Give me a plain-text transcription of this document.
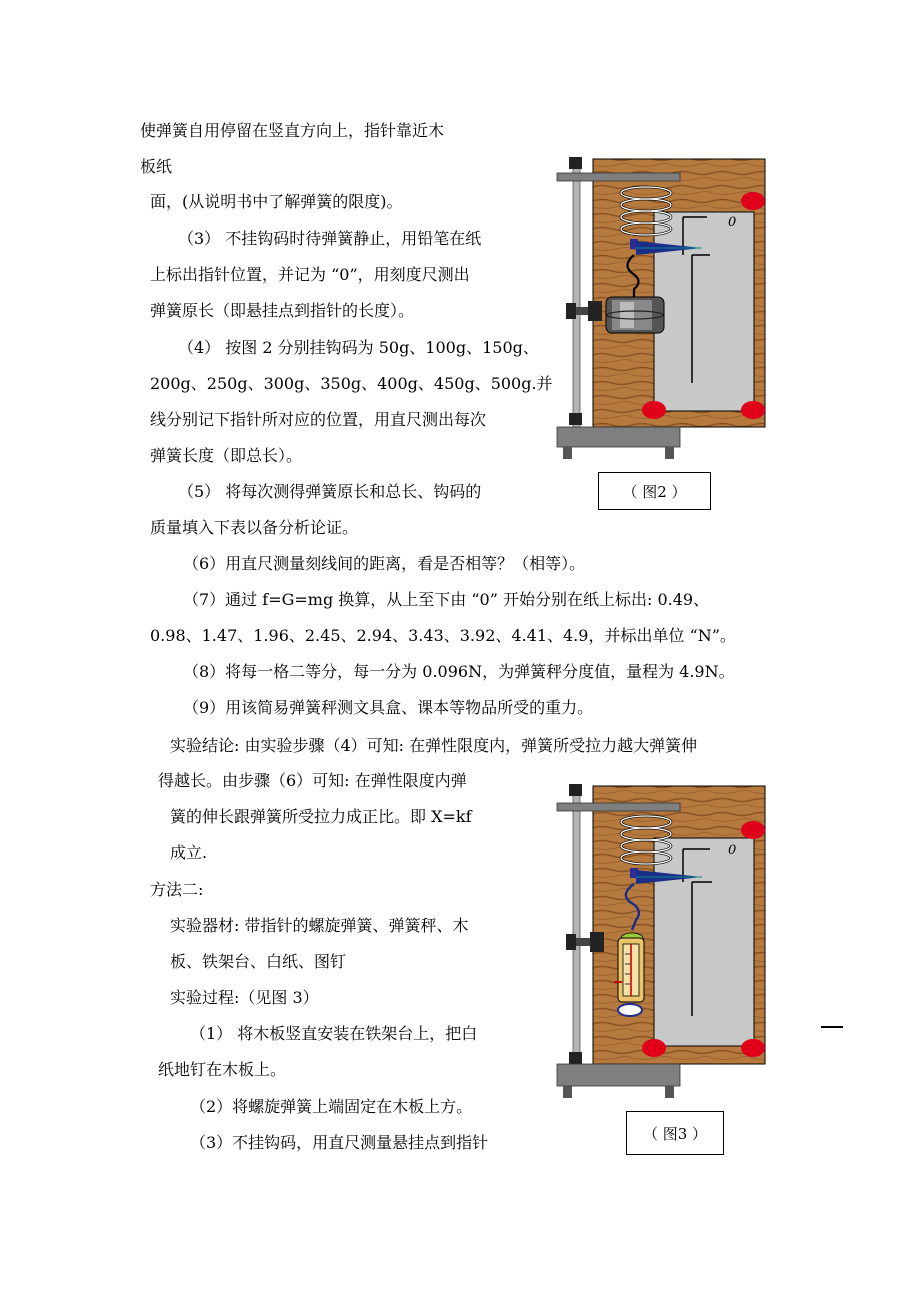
使弹簧自用停留在竖直方向上，指针靠近木
板纸
面，(从说明书中了解弹簧的限度)。
（3） 不挂钩码时待弹簧静止，用铅笔在纸
上标出指针位置，并记为 “0”，用刻度尺测出
弹簧原长（即悬挂点到指针的长度）。
（4） 按图 2 分别挂钩码为 50g、100g、150g、
200g、250g、300g、350g、400g、450g、500g.并
线分别记下指针所对应的位置，用直尺测出每次
弹簧长度（即总长）。
（5） 将每次测得弹簧原长和总长、钩码的
质量填入下表以备分析论证。
（6）用直尺测量刻线间的距离，看是否相等？（相等）。
（7）通过 f=G=mg 换算，从上至下由 “0” 开始分别在纸上标出: 0.49、
0.98、1.47、1.96、2.45、2.94、3.43、3.92、4.41、4.9，并标出单位 “N”。
（8）将每一格二等分，每一分为 0.096N，为弹簧秤分度值，量程为 4.9N。
（9）用该简易弹簧秤测文具盒、课本等物品所受的重力。
实验结论: 由实验步骤（4）可知: 在弹性限度内，弹簧所受拉力越大弹簧伸
得越长。由步骤（6）可知: 在弹性限度内弹
簧的伸长跟弹簧所受拉力成正比。即 X=kf
成立.
方法二:
实验器材: 带指针的螺旋弹簧、弹簧秤、木
板、铁架台、白纸、图钉
实验过程:（见图 3）
（1） 将木板竖直安装在铁架台上，把白
纸地钉在木板上。
（2）将螺旋弹簧上端固定在木板上方。
（3）不挂钩码，用直尺测量悬挂点到指针
0
（ 图2 ）
0
（ 图3 ）
